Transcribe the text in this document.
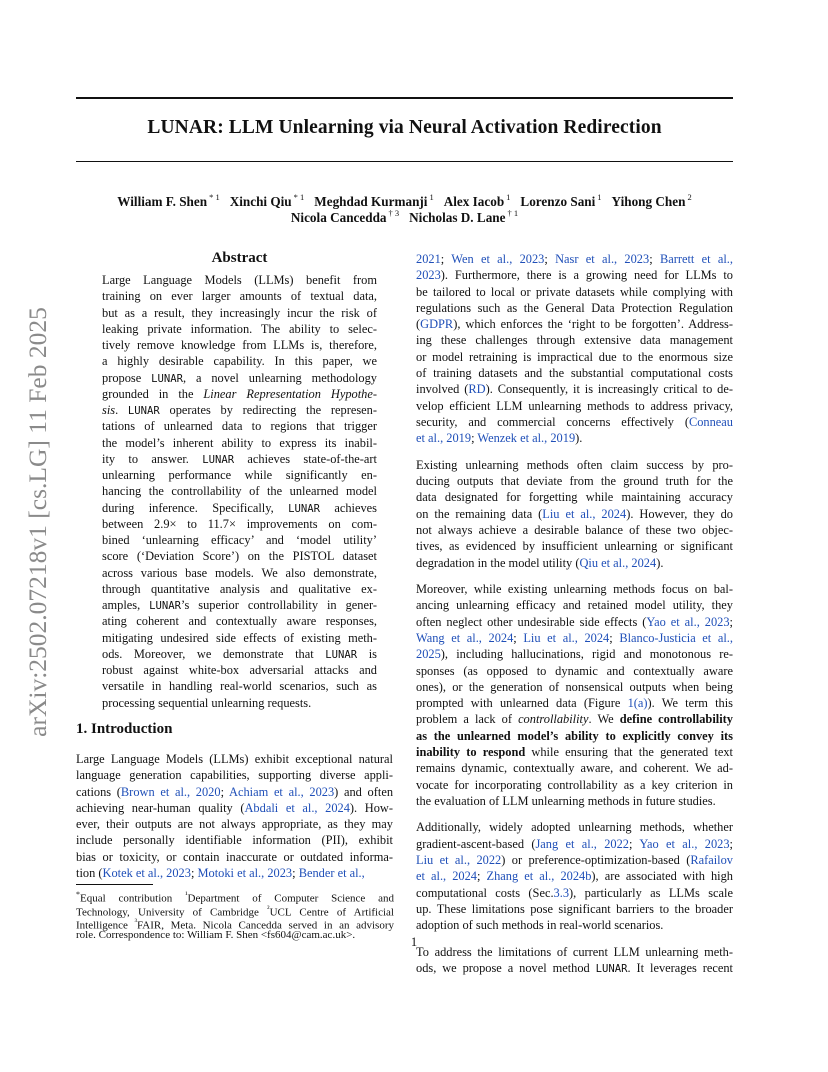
arXiv:2502.07218v1 [cs.LG] 11 Feb 2025
LUNAR: LLM Unlearning via Neural Activation Redirection
William F. Shen $^{* 1}$ Xinchi Qiu $^{* 1}$ Meghdad Kurmanji $^1$ Alex Iacob $^1$ Lorenzo Sani $^1$ Yihong Chen $^2$
Nicola Cancedda $^{\dagger 3}$ Nicholas D. Lane $^{\dagger 1}$
Abstract
Large Language Models (LLMs) benefit from
training on ever larger amounts of textual data,
but as a result, they increasingly incur the risk of
leaking private information. The ability to selec-
tively remove knowledge from LLMs is, therefore,
a highly desirable capability. In this paper, we
propose LUNAR, a novel unlearning methodology
grounded in the Linear Representation Hypothe-
sis. LUNAR operates by redirecting the represen-
tations of unlearned data to regions that trigger
the model’s inherent ability to express its inabil-
ity to answer. LUNAR achieves state-of-the-art
unlearning performance while significantly en-
hancing the controllability of the unlearned model
during inference. Specifically, LUNAR achieves
between 2.9× to 11.7× improvements on com-
bined ‘unlearning efficacy’ and ‘model utility’
score (‘Deviation Score’) on the PISTOL dataset
across various base models. We also demonstrate,
through quantitative analysis and qualitative ex-
amples, LUNAR’s superior controllability in gener-
ating coherent and contextually aware responses,
mitigating undesired side effects of existing meth-
ods. Moreover, we demonstrate that LUNAR is
robust against white-box adversarial attacks and
versatile in handling real-world scenarios, such as
processing sequential unlearning requests.
1. Introduction
Large Language Models (LLMs) exhibit exceptional natural
language generation capabilities, supporting diverse appli-
cations (Brown et al., 2020; Achiam et al., 2023) and often
achieving near-human quality (Abdali et al., 2024). How-
ever, their outputs are not always appropriate, as they may
include personally identifiable information (PII), exhibit
bias or toxicity, or contain inaccurate or outdated informa-
tion (Kotek et al., 2023; Motoki et al., 2023; Bender et al.,
*Equal contribution $^{^1}$Department of Computer Science and
Technology, University of Cambridge $^{^2}$UCL Centre of Artificial
Intelligence $^{^3}$FAIR, Meta. Nicola Cancedda served in an advisory
role. Correspondence to: William F. Shen <fs604@cam.ac.uk>.
2021; Wen et al., 2023; Nasr et al., 2023; Barrett et al.,
2023). Furthermore, there is a growing need for LLMs to
be tailored to local or private datasets while complying with
regulations such as the General Data Protection Regulation
(GDPR), which enforces the ‘right to be forgotten’. Address-
ing these challenges through extensive data management
or model retraining is impractical due to the enormous size
of training datasets and the substantial computational costs
involved (RD). Consequently, it is increasingly critical to de-
velop efficient LLM unlearning methods to address privacy,
security, and commercial concerns effectively (Conneau
et al., 2019; Wenzek et al., 2019).
Existing unlearning methods often claim success by pro-
ducing outputs that deviate from the ground truth for the
data designated for forgetting while maintaining accuracy
on the remaining data (Liu et al., 2024). However, they do
not always achieve a desirable balance of these two objec-
tives, as evidenced by insufficient unlearning or significant
degradation in the model utility (Qiu et al., 2024).
Moreover, while existing unlearning methods focus on bal-
ancing unlearning efficacy and retained model utility, they
often neglect other undesirable side effects (Yao et al., 2023;
Wang et al., 2024; Liu et al., 2024; Blanco-Justicia et al.,
2025), including hallucinations, rigid and monotonous re-
sponses (as opposed to dynamic and contextually aware
ones), or the generation of nonsensical outputs when being
prompted with unlearned data (Figure 1(a)). We term this
problem a lack of controllability. We define controllability
as the unlearned model’s ability to explicitly convey its
inability to respond while ensuring that the generated text
remains dynamic, contextually aware, and coherent. We ad-
vocate for incorporating controllability as a key criterion in
the evaluation of LLM unlearning methods in future studies.
Additionally, widely adopted unlearning methods, whether
gradient-ascent-based (Jang et al., 2022; Yao et al., 2023;
Liu et al., 2022) or preference-optimization-based (Rafailov
et al., 2024; Zhang et al., 2024b), are associated with high
computational costs (Sec.3.3), particularly as LLMs scale
up. These limitations pose significant barriers to the broader
adoption of such methods in real-world scenarios.
To address the limitations of current LLM unlearning meth-
ods, we propose a novel method LUNAR. It leverages recent
1
